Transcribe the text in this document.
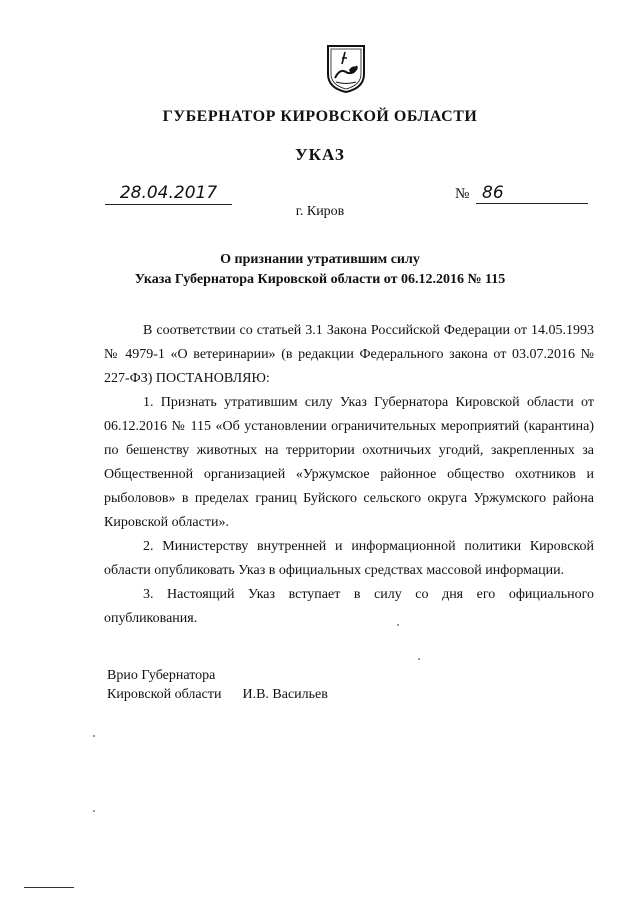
ГУБЕРНАТОР КИРОВСКОЙ ОБЛАСТИ
УКАЗ
28.04.2017	№ 86
г. Киров
О признании утратившим силу
Указа Губернатора Кировской области от 06.12.2016 № 115

В соответствии со статьей 3.1 Закона Российской Федерации от 14.05.1993 № 4979-1 «О ветеринарии» (в редакции Федерального закона от 03.07.2016 № 227-ФЗ) ПОСТАНОВЛЯЮ:

1. Признать утратившим силу Указ Губернатора Кировской области от 06.12.2016 № 115 «Об установлении ограничительных мероприятий (карантина) по бешенству животных на территории охотничьих угодий, закрепленных за Общественной организацией «Уржумское районное общество охотников и рыболовов» в пределах границ Буйского сельского округа Уржумского района Кировской области».

2. Министерству внутренней и информационной политики Кировской области опубликовать Указ в официальных средствах массовой информации.

3. Настоящий Указ вступает в силу со дня его официального опубликования.

Врио Губернатора
Кировской области И.В. Васильев
